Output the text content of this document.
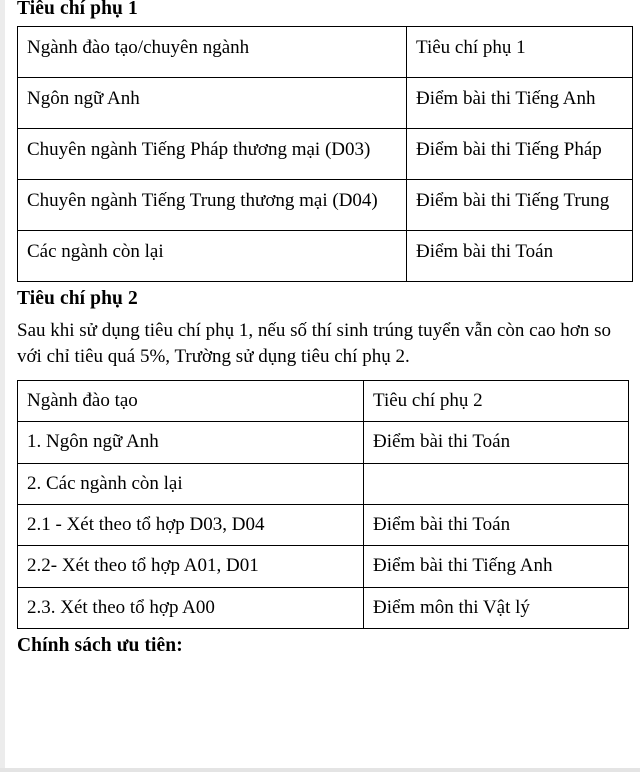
Tiêu chí phụ 1
Ngành đào tạo/chuyên ngành	Tiêu chí phụ 1
Ngôn ngữ Anh	Điểm bài thi Tiếng Anh
Chuyên ngành Tiếng Pháp thương mại (D03)	Điểm bài thi Tiếng Pháp
Chuyên ngành Tiếng Trung thương mại (D04)	Điểm bài thi Tiếng Trung
Các ngành còn lại	Điểm bài thi Toán
Tiêu chí phụ 2

Sau khi sử dụng tiêu chí phụ 1, nếu số thí sinh trúng tuyển vẫn còn cao hơn so với chỉ tiêu quá 5%, Trường sử dụng tiêu chí phụ 2.

Ngành đào tạo	Tiêu chí phụ 2
1. Ngôn ngữ Anh	Điểm bài thi Toán
2. Các ngành còn lại	
2.1 - Xét theo tổ hợp D03, D04	Điểm bài thi Toán
2.2- Xét theo tổ hợp A01, D01	Điểm bài thi Tiếng Anh
2.3. Xét theo tổ hợp A00	Điểm môn thi Vật lý
Chính sách ưu tiên:
